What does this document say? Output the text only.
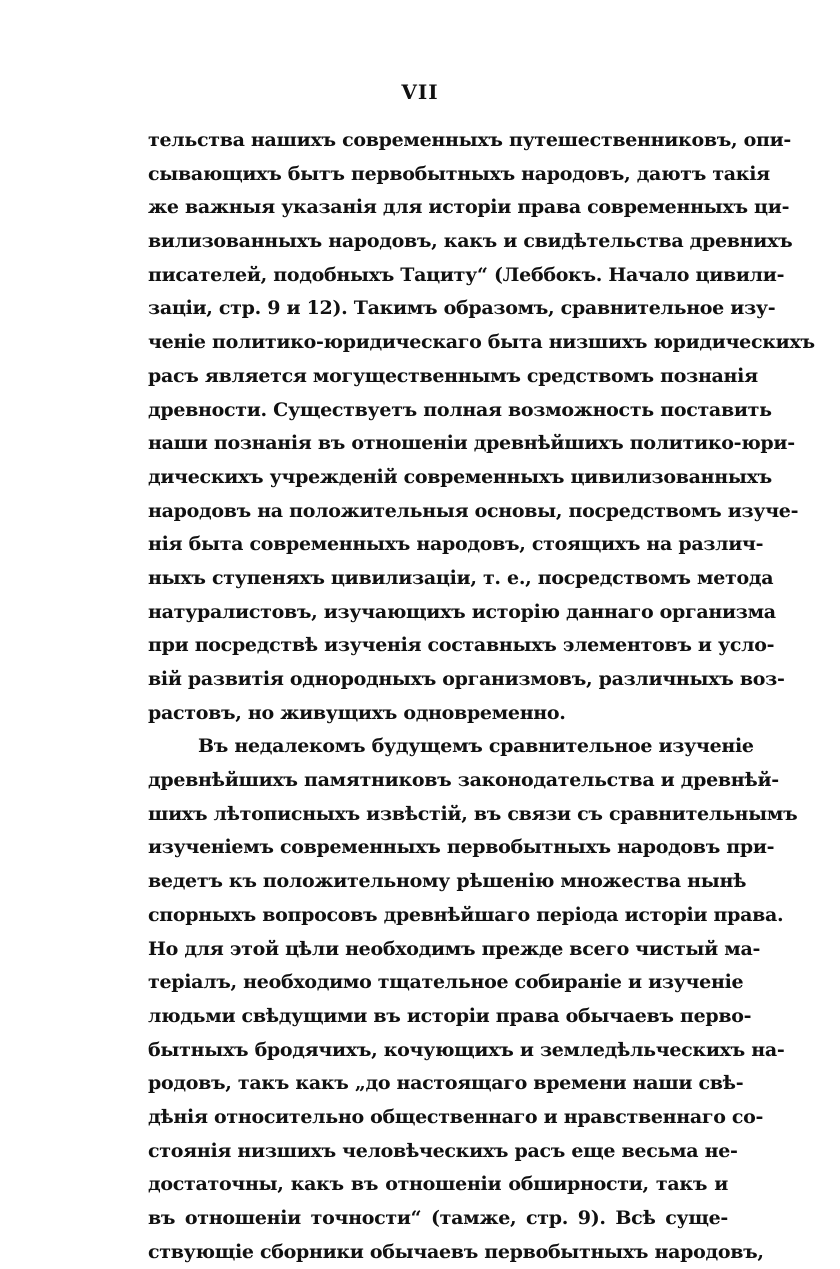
VII
тельства нашихъ современныхъ путешественниковъ, опи-
сывающихъ бытъ первобытныхъ народовъ, даютъ такія
же важныя указанія для исторіи права современныхъ ци-
вилизованныхъ народовъ, какъ и свидѣтельства древнихъ
писателей, подобныхъ Тациту“ (Леббокъ. Начало цивили-
заціи, стр. 9 и 12). Такимъ образомъ, сравнительное изу-
ченіе политико-юридическаго быта низшихъ юридическихъ
расъ является могущественнымъ средствомъ познанія
древности. Существуетъ полная возможность поставить
наши познанія въ отношеніи древнѣйшихъ политико-юри-
дическихъ учрежденій современныхъ цивилизованныхъ
народовъ на положительныя основы, посредствомъ изуче-
нія быта современныхъ народовъ, стоящихъ на различ-
ныхъ ступеняхъ цивилизаціи, т. е., посредствомъ метода
натуралистовъ, изучающихъ исторію даннаго организма
при посредствѣ изученія составныхъ элементовъ и усло-
вій развитія однородныхъ организмовъ, различныхъ воз-
растовъ, но живущихъ одновременно.
Въ недалекомъ будущемъ сравнительное изученіе
древнѣйшихъ памятниковъ законодательства и древнѣй-
шихъ лѣтописныхъ извѣстій, въ связи съ сравнительнымъ
изученіемъ современныхъ первобытныхъ народовъ при-
ведетъ къ положительному рѣшенію множества нынѣ
спорныхъ вопросовъ древнѣйшаго періода исторіи права.
Но для этой цѣли необходимъ прежде всего чистый ма-
теріалъ, необходимо тщательное собираніе и изученіе
людьми свѣдущими въ исторіи права обычаевъ перво-
бытныхъ бродячихъ, кочующихъ и земледѣльческихъ на-
родовъ, такъ какъ „до настоящаго времени наши свѣ-
дѣнія относительно общественнаго и нравственнаго со-
стоянія низшихъ человѣческихъ расъ еще весьма не-
достаточны, какъ въ отношеніи обширности, такъ и
въ отношеніи точности“ (тамже, стр. 9). Всѣ суще-
ствующіе сборники обычаевъ первобытныхъ народовъ,
